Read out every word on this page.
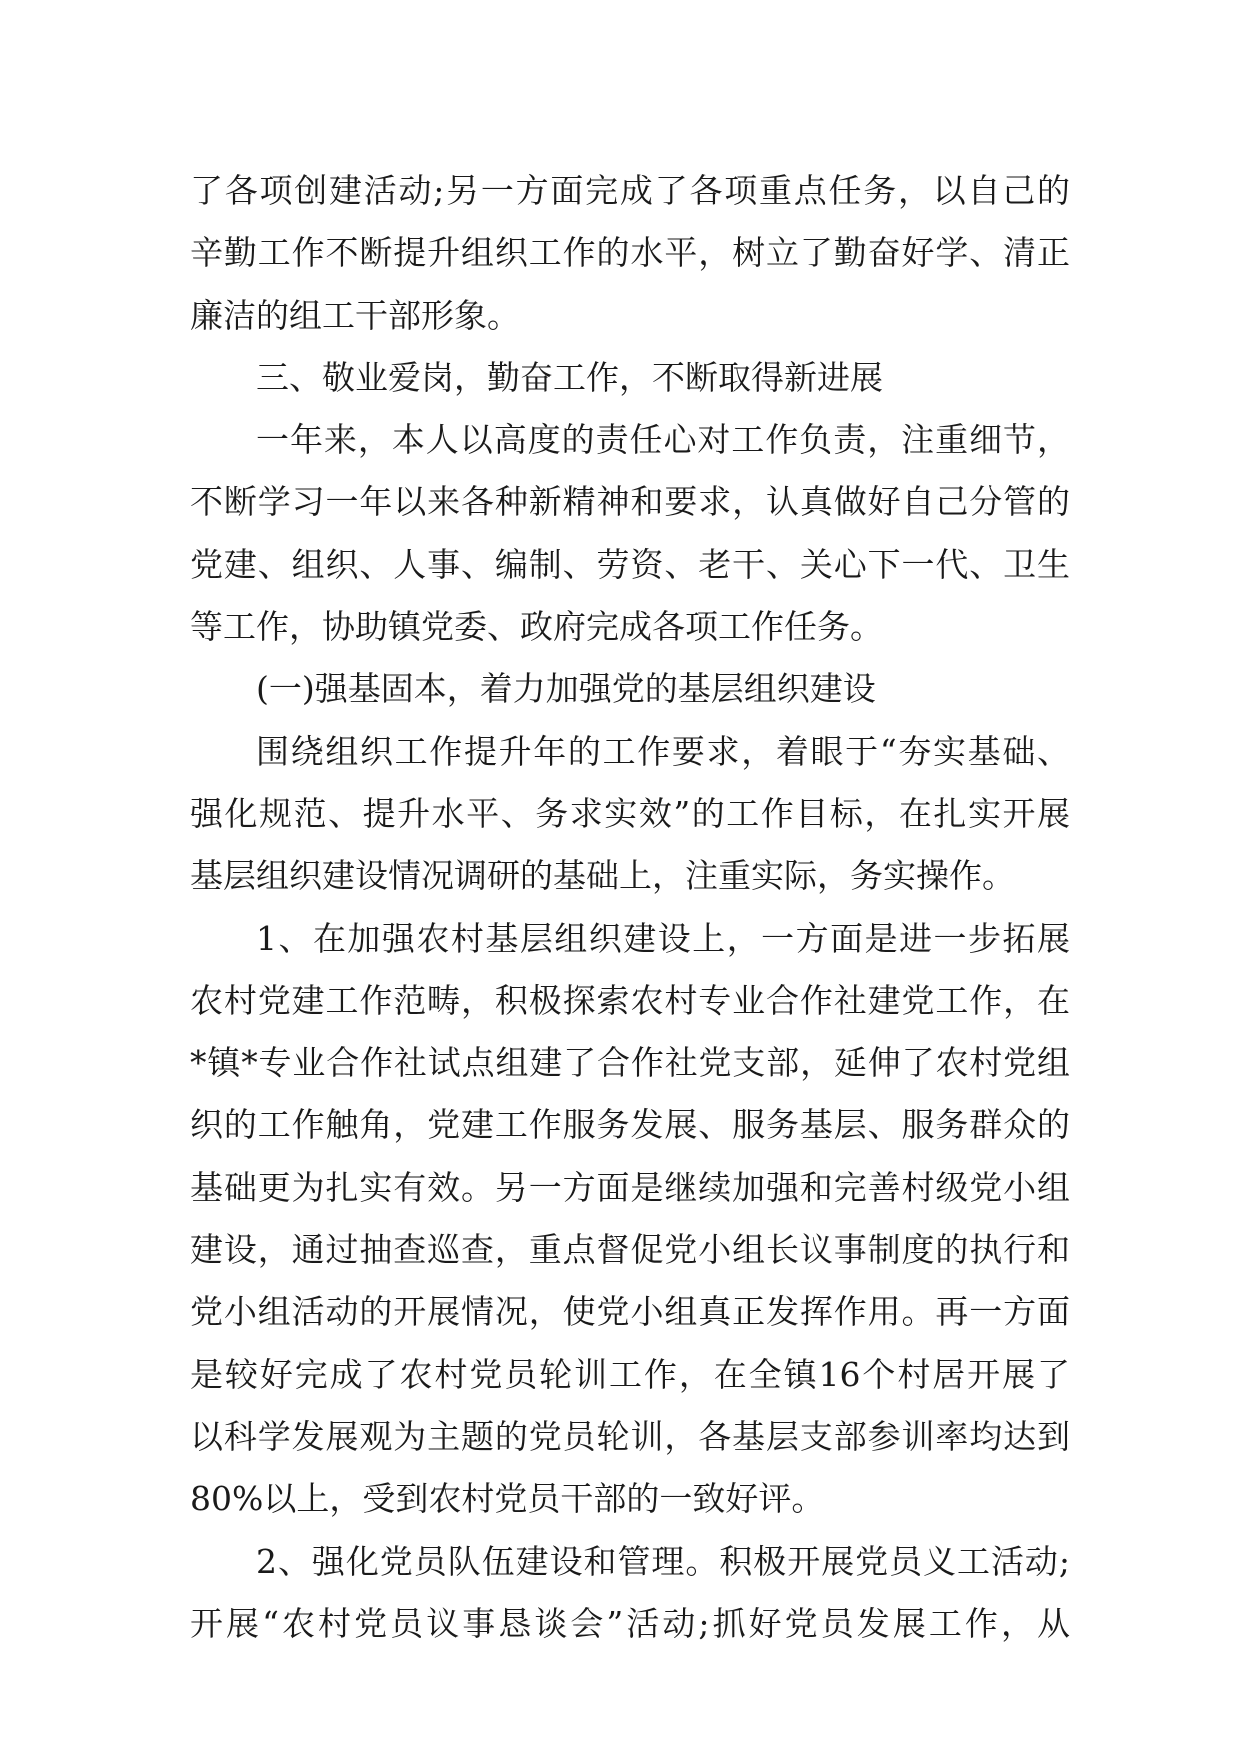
了各项创建活动;另一方面完成了各项重点任务，以自己的
辛勤工作不断提升组织工作的水平，树立了勤奋好学、清正
廉洁的组工干部形象。
三、敬业爱岗，勤奋工作，不断取得新进展
一年来，本人以高度的责任心对工作负责，注重细节，
不断学习一年以来各种新精神和要求，认真做好自己分管的
党建、组织、人事、编制、劳资、老干、关心下一代、卫生
等工作，协助镇党委、政府完成各项工作任务。
(一)强基固本，着力加强党的基层组织建设
围绕组织工作提升年的工作要求，着眼于“夯实基础、
强化规范、提升水平、务求实效”的工作目标，在扎实开展
基层组织建设情况调研的基础上，注重实际，务实操作。
1、在加强农村基层组织建设上，一方面是进一步拓展
农村党建工作范畴，积极探索农村专业合作社建党工作，在
*镇*专业合作社试点组建了合作社党支部，延伸了农村党组
织的工作触角，党建工作服务发展、服务基层、服务群众的
基础更为扎实有效。另一方面是继续加强和完善村级党小组
建设，通过抽查巡查，重点督促党小组长议事制度的执行和
党小组活动的开展情况，使党小组真正发挥作用。再一方面
是较好完成了农村党员轮训工作，在全镇16个村居开展了
以科学发展观为主题的党员轮训，各基层支部参训率均达到
80%以上，受到农村党员干部的一致好评。
2、强化党员队伍建设和管理。积极开展党员义工活动;
开展“农村党员议事恳谈会”活动;抓好党员发展工作，从
